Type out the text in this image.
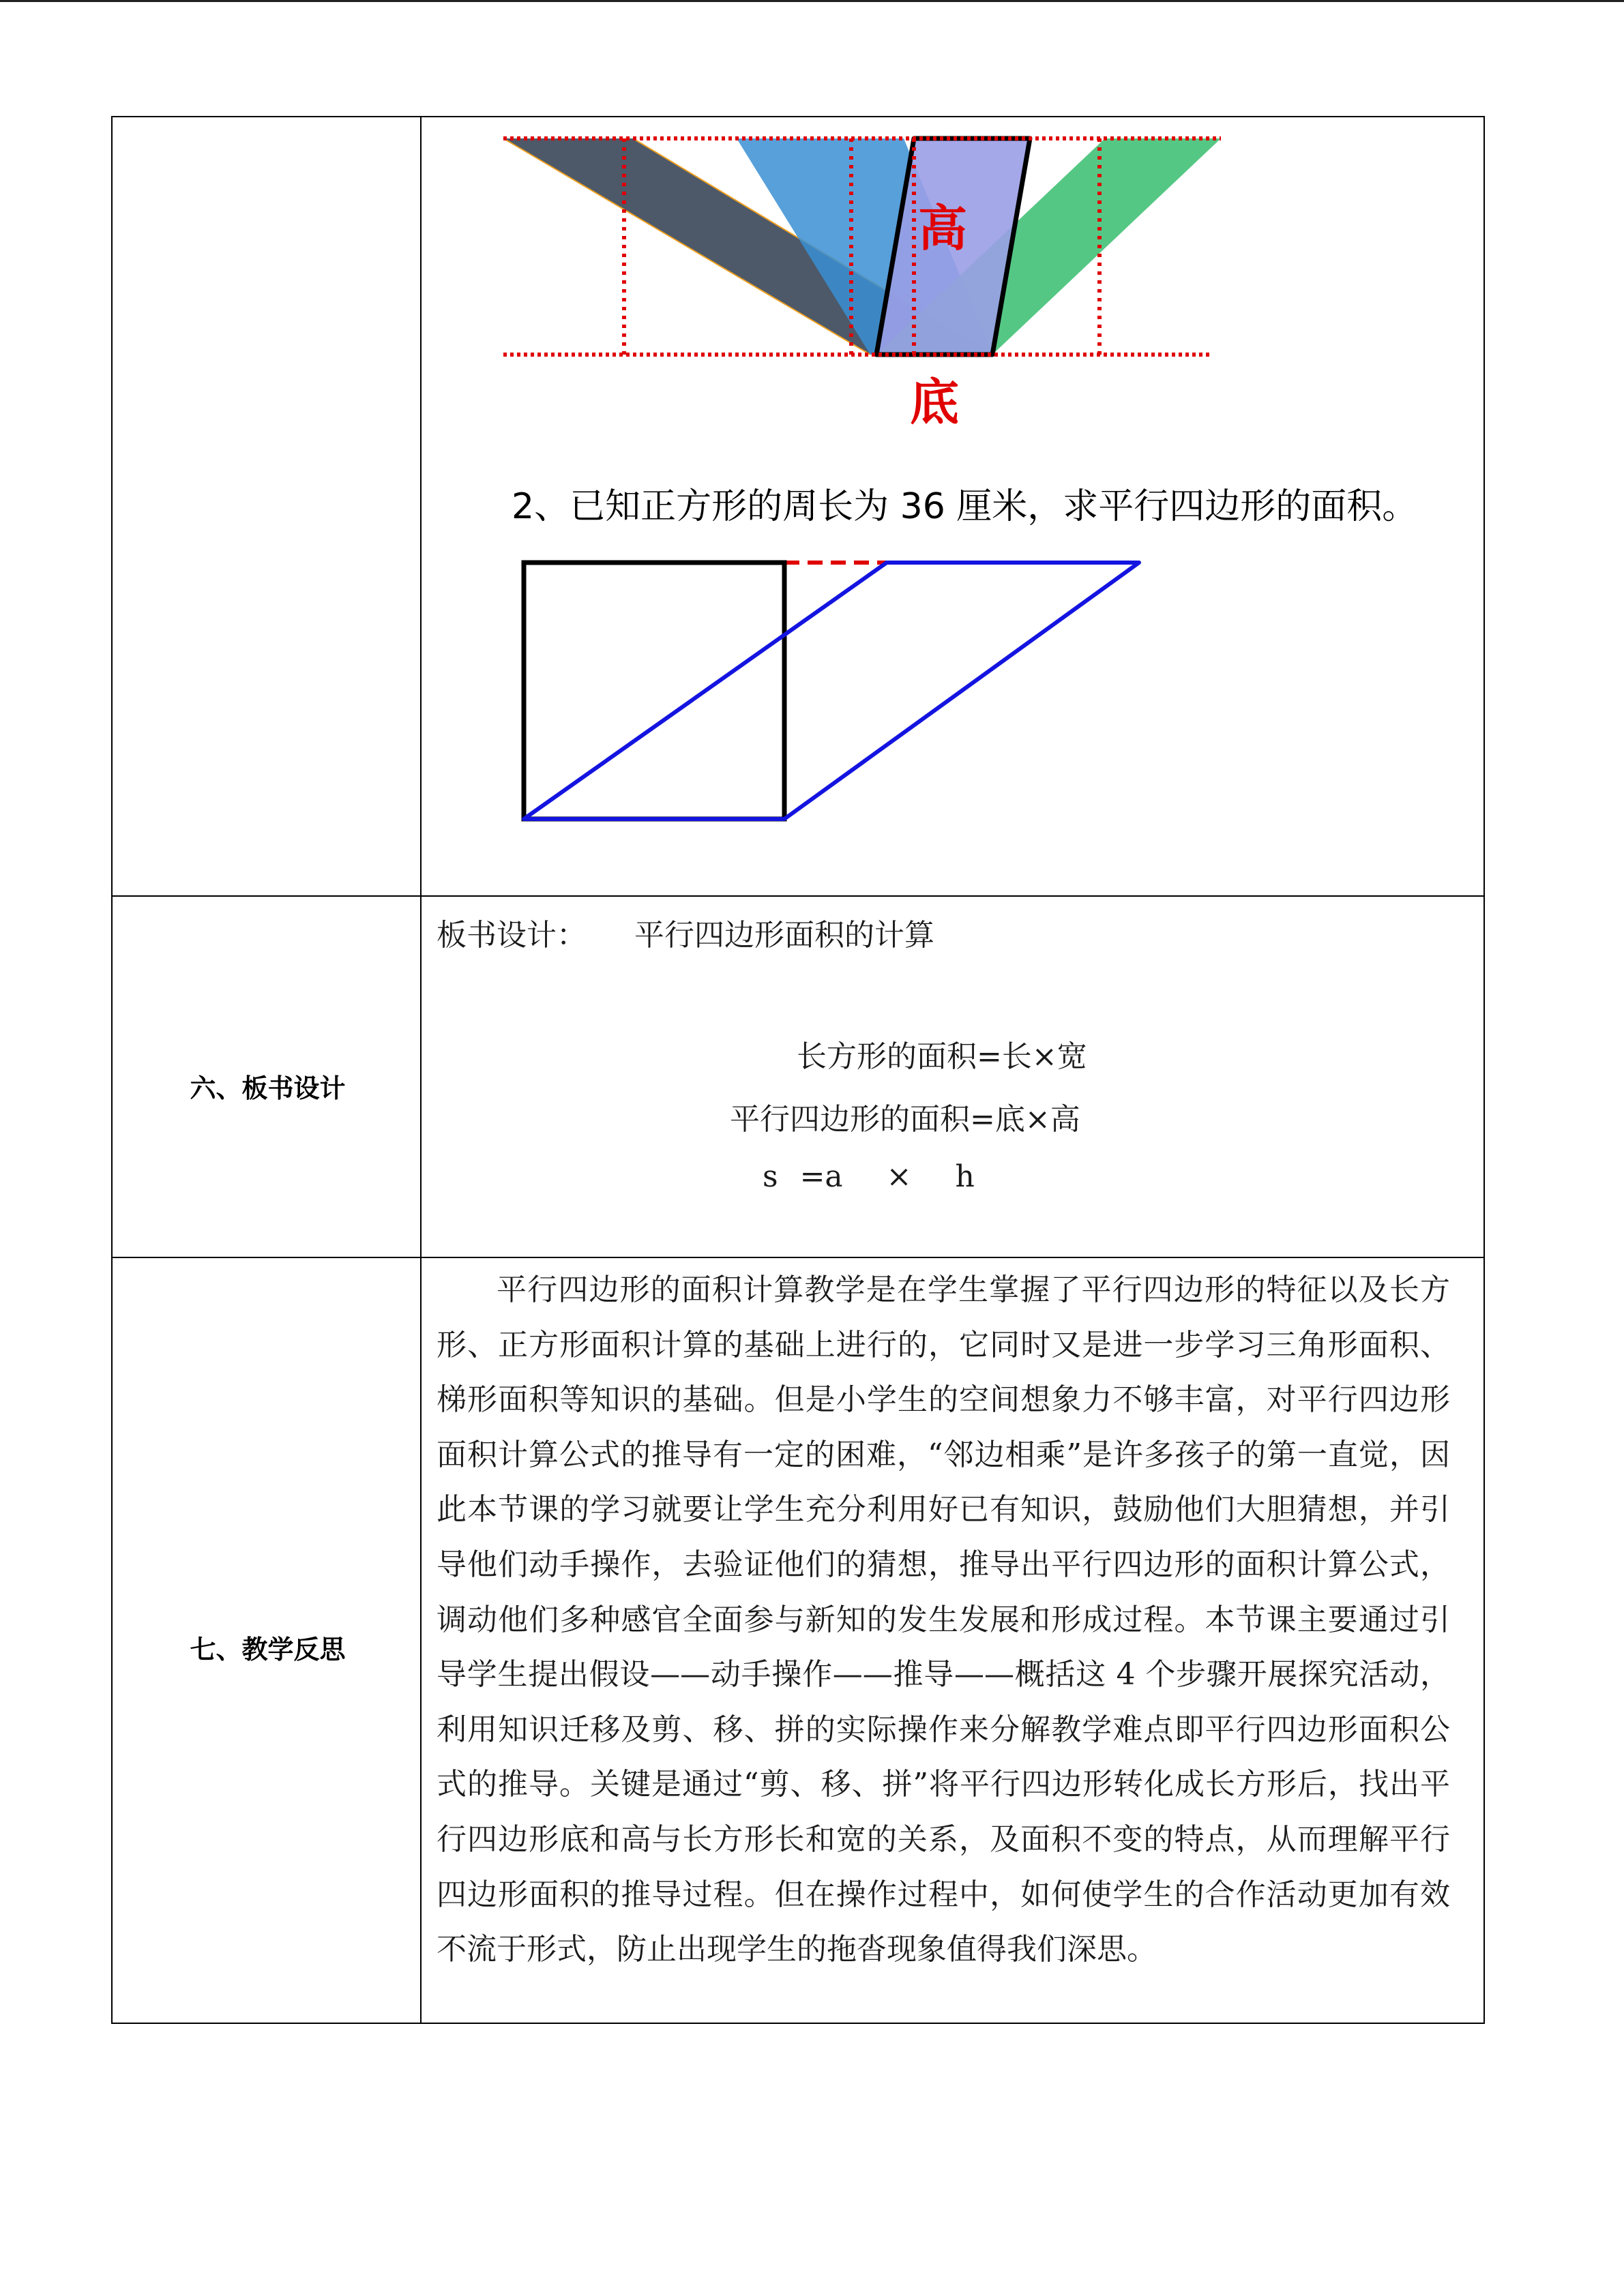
高
底
2、已知正方形的周长为 36 厘米，求平行四边形的面积。
六、板书设计
板书设计： 平行四边形面积的计算
长方形的面积=长×宽
平行四边形的面积=底×高
s =a  ×  h
七、教学反思
平行四边形的面积计算教学是在学生掌握了平行四边形的特征以及长方形、正方形面积计算的基础上进行的，它同时又是进一步学习三角形面积、梯形面积等知识的基础。但是小学生的空间想象力不够丰富，对平行四边形面积计算公式的推导有一定的困难，“邻边相乘”是许多孩子的第一直觉，因此本节课的学习就要让学生充分利用好已有知识，鼓励他们大胆猜想，并引导他们动手操作，去验证他们的猜想，推导出平行四边形的面积计算公式，调动他们多种感官全面参与新知的发生发展和形成过程。本节课主要通过引导学生提出假设——动手操作——推导——概括这 4 个步骤开展探究活动，利用知识迁移及剪、移、拼的实际操作来分解教学难点即平行四边形面积公式的推导。关键是通过“剪、移、拼”将平行四边形转化成长方形后，找出平行四边形底和高与长方形长和宽的关系，及面积不变的特点，从而理解平行四边形面积的推导过程。但在操作过程中，如何使学生的合作活动更加有效不流于形式，防止出现学生的拖沓现象值得我们深思。
